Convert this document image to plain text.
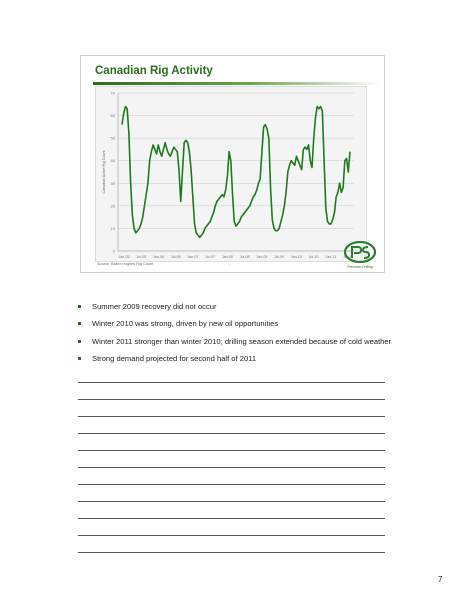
Canadian Rig Activity
0
10
20
30
40
50
60
70
Canadian Active Rig Count
Jan-05 Jul-05 Jan-06 Jul-06 Jan-07 Jul-07 Jan-08 Jul-08 Jan-09 Jul-09 Jan-10 Jul-10 Jan-11 Jul-11
Source: Baker Hughes Rig Count	-
Precision Drilling
Summer 2009 recovery did not occur
Winter 2010 was strong, driven by new oil opportunities
Winter 2011 stronger than winter 2010; drilling season extended because of cold weather
Strong demand projected for second half of 2011
7
